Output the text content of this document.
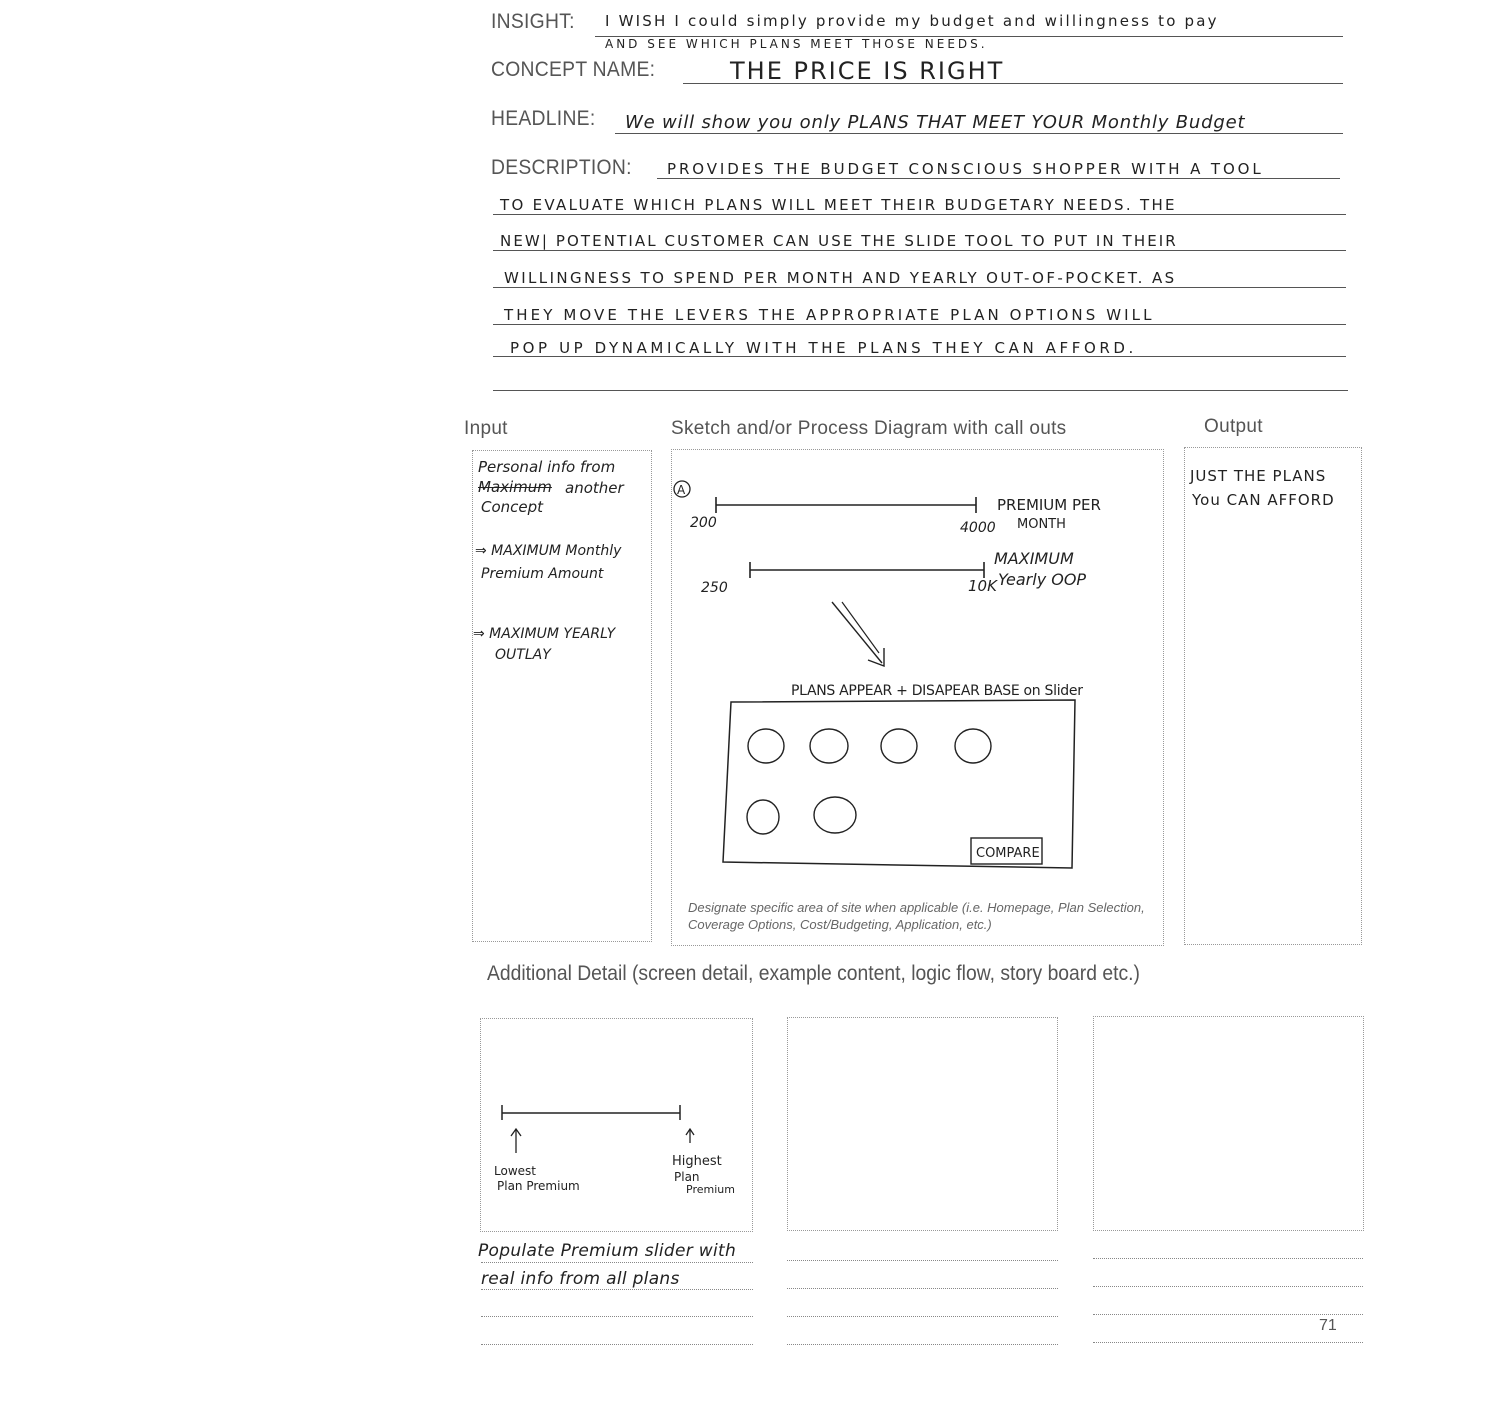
INSIGHT: I WISH I could simply provide my budget and willingness to pay
AND SEE WHICH PLANS MEET THOSE NEEDS.
CONCEPT NAME:	THE PRICE IS RIGHT
HEADLINE: We will show you only PLANS THAT MEET YOUR Monthly Budget
DESCRIPTION: PROVIDES THE BUDGET CONSCIOUS SHOPPER WITH A TOOL
TO EVALUATE WHICH PLANS WILL MEET THEIR BUDGETARY NEEDS. THE
NEW| POTENTIAL CUSTOMER CAN USE THE SLIDE TOOL TO PUT IN THEIR
WILLINGNESS TO SPEND PER MONTH AND YEARLY OUT-OF-POCKET. AS
THEY MOVE THE LEVERS THE APPROPRIATE PLAN OPTIONS WILL
POP UP DYNAMICALLY WITH THE PLANS THEY CAN AFFORD.
Input	Sketch and/or Process Diagram with call outs	Output
Personal info from
Maximum another
Concept
⇒ MAXIMUM Monthly
Premium Amount
⇒ MAXIMUM YEARLY
OUTLAY
A
200	4000
PREMIUM PER
MONTH
250	10K
MAXIMUM
Yearly OOP
PLANS APPEAR + DISAPEAR BASE on Slider
COMPARE
Designate specific area of site when applicable (i.e. Homepage, Plan Selection, Coverage Options, Cost/Budgeting, Application, etc.)
JUST THE PLANS
You CAN AFFORD
Additional Detail (screen detail, example content, logic flow, story board etc.)
Lowest
Plan Premium
Highest
Plan
Premium
Populate Premium slider with
real info from all plans
71
